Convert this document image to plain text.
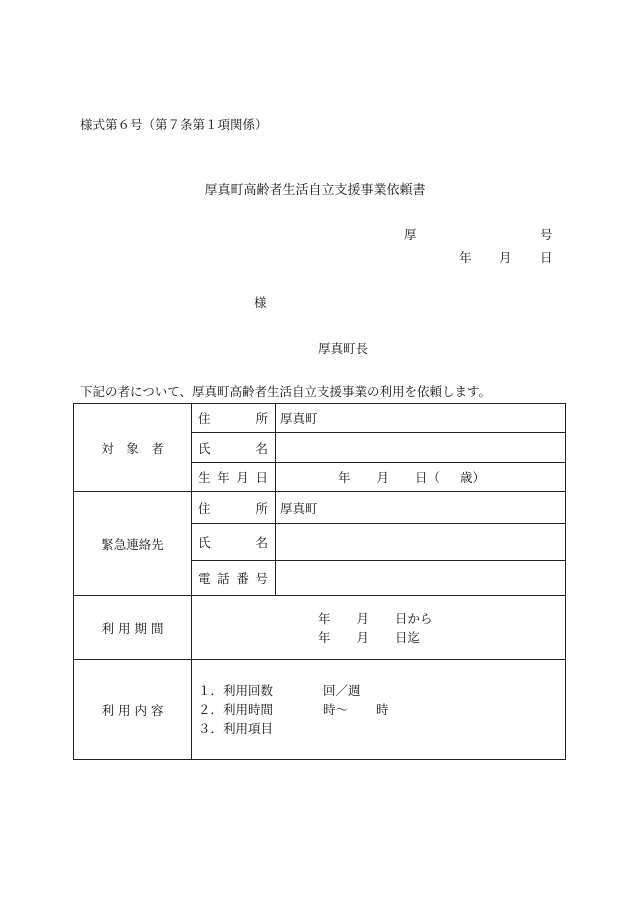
様式第６号（第７条第１項関係）
厚真町高齢者生活自立支援事業依頼書
厚	号
年 月 日
様
厚真町長
下記の者について、厚真町高齢者生活自立支援事業の利用を依頼します。
対　象　者	住 所	厚真町

	氏 名	

	生 年 月 日	年 月 日（ 歳）
緊急連絡先	住 所	厚真町

	氏 名	

	電 話 番 号	

利 用 期 間	年 月 日から
年 月 日迄	

利 用 内 容	１．利用回数 回／週
２．利用時間 時～ 時
３．利用項目	
